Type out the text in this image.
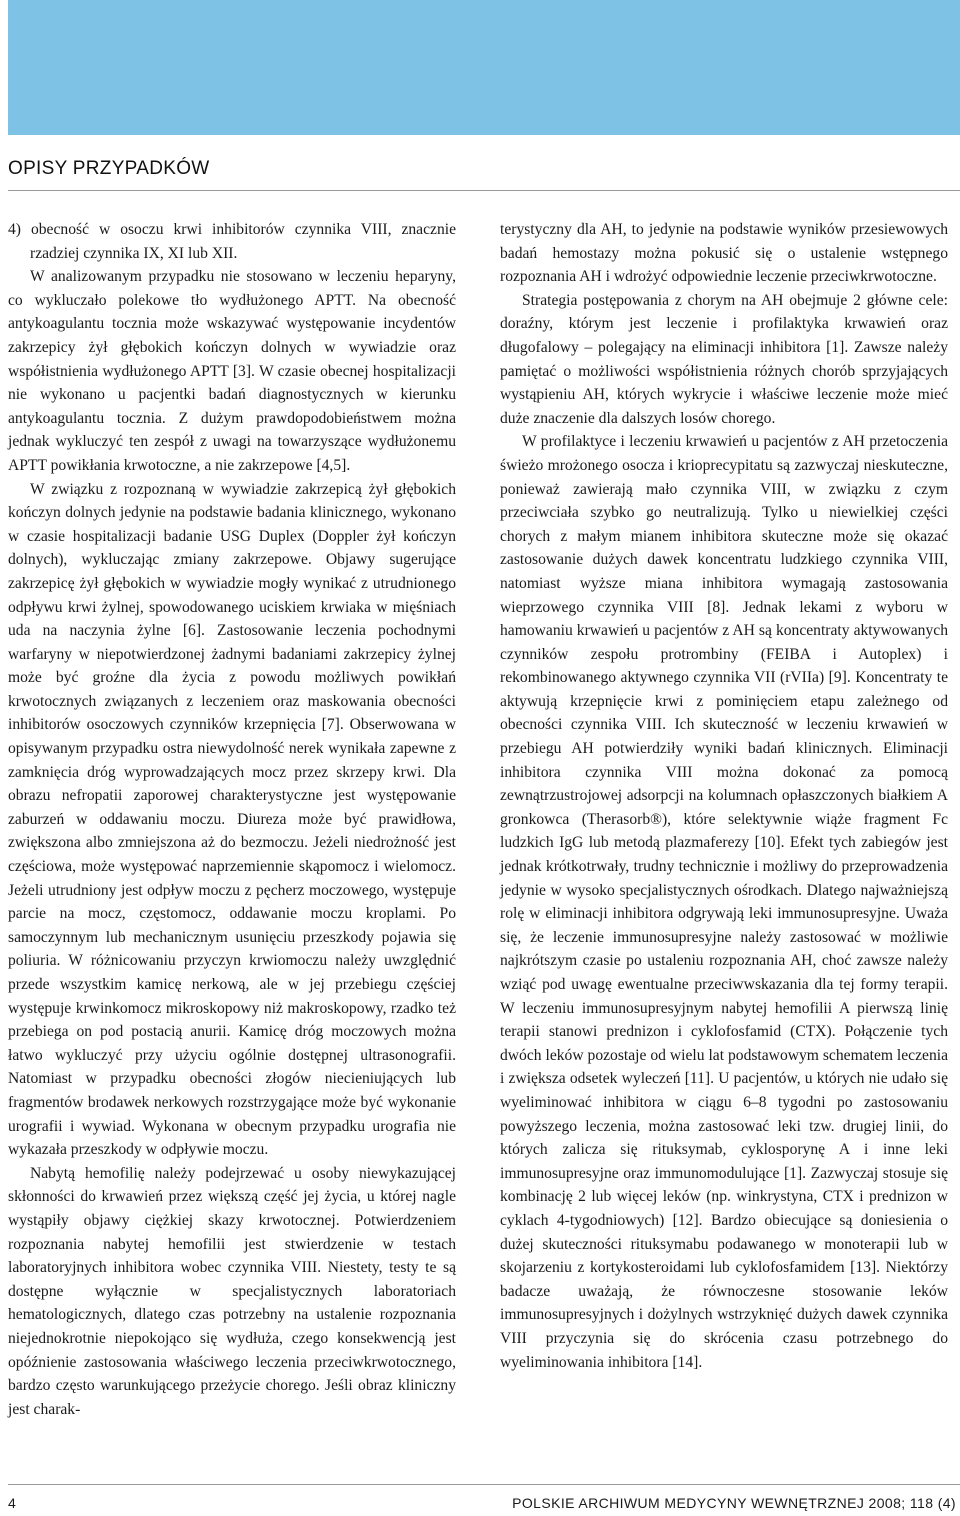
OPISY PRZYPADKÓW

4) obecność w osoczu krwi inhibitorów czynnika VIII, znacznie rzadziej czynnika IX, XI lub XII.

W analizowanym przypadku nie stosowano w leczeniu heparyny, co wykluczało polekowe tło wydłużonego APTT. Na obecność antykoagulantu tocznia może wskazywać występowanie incydentów zakrzepicy żył głębokich kończyn dolnych w wywiadzie oraz współistnienia wydłużonego APTT [3]. W czasie obecnej hospitalizacji nie wykonano u pacjentki badań diagnostycznych w kierunku antykoagulantu tocznia. Z dużym prawdopodobieństwem można jednak wykluczyć ten zespół z uwagi na towarzyszące wydłużonemu APTT powikłania krwotoczne, a nie zakrzepowe [4,5].

W związku z rozpoznaną w wywiadzie zakrzepicą żył głębokich kończyn dolnych jedynie na podstawie badania klinicznego, wykonano w czasie hospitalizacji badanie USG Duplex (Doppler żył kończyn dolnych), wykluczając zmiany zakrzepowe. Objawy sugerujące zakrzepicę żył głębokich w wywiadzie mogły wynikać z utrudnionego odpływu krwi żylnej, spowodowanego uciskiem krwiaka w mięśniach uda na naczynia żylne [6]. Zastosowanie leczenia pochodnymi warfaryny w niepotwierdzonej żadnymi badaniami zakrzepicy żylnej może być groźne dla życia z powodu możliwych powikłań krwotocznych związanych z leczeniem oraz maskowania obecności inhibitorów osoczowych czynników krzepnięcia [7]. Obserwowana w opisywanym przypadku ostra niewydolność nerek wynikała zapewne z zamknięcia dróg wyprowadzających mocz przez skrzepy krwi. Dla obrazu nefropatii zaporowej charakterystyczne jest występowanie zaburzeń w oddawaniu moczu. Diureza może być prawidłowa, zwiększona albo zmniejszona aż do bezmoczu. Jeżeli niedrożność jest częściowa, może występować naprzemiennie skąpomocz i wielomocz. Jeżeli utrudniony jest odpływ moczu z pęcherz moczowego, występuje parcie na mocz, częstomocz, oddawanie moczu kroplami. Po samoczynnym lub mechanicznym usunięciu przeszkody pojawia się poliuria. W różnicowaniu przyczyn krwiomoczu należy uwzględnić przede wszystkim kamicę nerkową, ale w jej przebiegu częściej występuje krwinkomocz mikroskopowy niż makroskopowy, rzadko też przebiega on pod postacią anurii. Kamicę dróg moczowych można łatwo wykluczyć przy użyciu ogólnie dostępnej ultrasonografii. Natomiast w przypadku obecności złogów niecieniujących lub fragmentów brodawek nerkowych rozstrzygające może być wykonanie urografii i wywiad. Wykonana w obecnym przypadku urografia nie wykazała przeszkody w odpływie moczu.

Nabytą hemofilię należy podejrzewać u osoby niewykazującej skłonności do krwawień przez większą część jej życia, u której nagle wystąpiły objawy ciężkiej skazy krwotocznej. Potwierdzeniem rozpoznania nabytej hemofilii jest stwierdzenie w testach laboratoryjnych inhibitora wobec czynnika VIII. Niestety, testy te są dostępne wyłącznie w specjalistycznych laboratoriach hematologicznych, dlatego czas potrzebny na ustalenie rozpoznania niejednokrotnie niepokojąco się wydłuża, czego konsekwencją jest opóźnienie zastosowania właściwego leczenia przeciwkrwotocznego, bardzo często warunkującego przeżycie chorego. Jeśli obraz kliniczny jest charak-

terystyczny dla AH, to jedynie na podstawie wyników przesiewowych badań hemostazy można pokusić się o ustalenie wstępnego rozpoznania AH i wdrożyć odpowiednie leczenie przeciwkrwotoczne.

Strategia postępowania z chorym na AH obejmuje 2 główne cele: doraźny, którym jest leczenie i profilaktyka krwawień oraz długofalowy – polegający na eliminacji inhibitora [1]. Zawsze należy pamiętać o możliwości współistnienia różnych chorób sprzyjających wystąpieniu AH, których wykrycie i właściwe leczenie może mieć duże znaczenie dla dalszych losów chorego.

W profilaktyce i leczeniu krwawień u pacjentów z AH przetoczenia świeżo mrożonego osocza i krioprecypitatu są zazwyczaj nieskuteczne, ponieważ zawierają mało czynnika VIII, w związku z czym przeciwciała szybko go neutralizują. Tylko u niewielkiej części chorych z małym mianem inhibitora skuteczne może się okazać zastosowanie dużych dawek koncentratu ludzkiego czynnika VIII, natomiast wyższe miana inhibitora wymagają zastosowania wieprzowego czynnika VIII [8]. Jednak lekami z wyboru w hamowaniu krwawień u pacjentów z AH są koncentraty aktywowanych czynników zespołu protrombiny (FEIBA i Autoplex) i rekombinowanego aktywnego czynnika VII (rVIIa) [9]. Koncentraty te aktywują krzepnięcie krwi z pominięciem etapu zależnego od obecności czynnika VIII. Ich skuteczność w leczeniu krwawień w przebiegu AH potwierdziły wyniki badań klinicznych. Eliminacji inhibitora czynnika VIII można dokonać za pomocą zewnątrzustrojowej adsorpcji na kolumnach opłaszczonych białkiem A gronkowca (Therasorb®), które selektywnie wiąże fragment Fc ludzkich IgG lub metodą plazmaferezy [10]. Efekt tych zabiegów jest jednak krótkotrwały, trudny technicznie i możliwy do przeprowadzenia jedynie w wysoko specjalistycznych ośrodkach. Dlatego najważniejszą rolę w eliminacji inhibitora odgrywają leki immunosupresyjne. Uważa się, że leczenie immunosupresyjne należy zastosować w możliwie najkrótszym czasie po ustaleniu rozpoznania AH, choć zawsze należy wziąć pod uwagę ewentualne przeciwwskazania dla tej formy terapii. W leczeniu immunosupresyjnym nabytej hemofilii A pierwszą linię terapii stanowi prednizon i cyklofosfamid (CTX). Połączenie tych dwóch leków pozostaje od wielu lat podstawowym schematem leczenia i zwiększa odsetek wyleczeń [11]. U pacjentów, u których nie udało się wyeliminować inhibitora w ciągu 6–8 tygodni po zastosowaniu powyższego leczenia, można zastosować leki tzw. drugiej linii, do których zalicza się rituksymab, cyklosporynę A i inne leki immunosupresyjne oraz immunomodulujące [1]. Zazwyczaj stosuje się kombinację 2 lub więcej leków (np. winkrystyna, CTX i prednizon w cyklach 4-tygodniowych) [12]. Bardzo obiecujące są doniesienia o dużej skuteczności rituksymabu podawanego w monoterapii lub w skojarzeniu z kortykosteroidami lub cyklofosfamidem [13]. Niektórzy badacze uważają, że równoczesne stosowanie leków immunosupresyjnych i dożylnych wstrzyknięć dużych dawek czynnika VIII przyczynia się do skrócenia czasu potrzebnego do wyeliminowania inhibitora [14].

4	POLSKIE ARCHIWUM MEDYCYNY WEWNĘTRZNEJ 2008; 118 (4)
